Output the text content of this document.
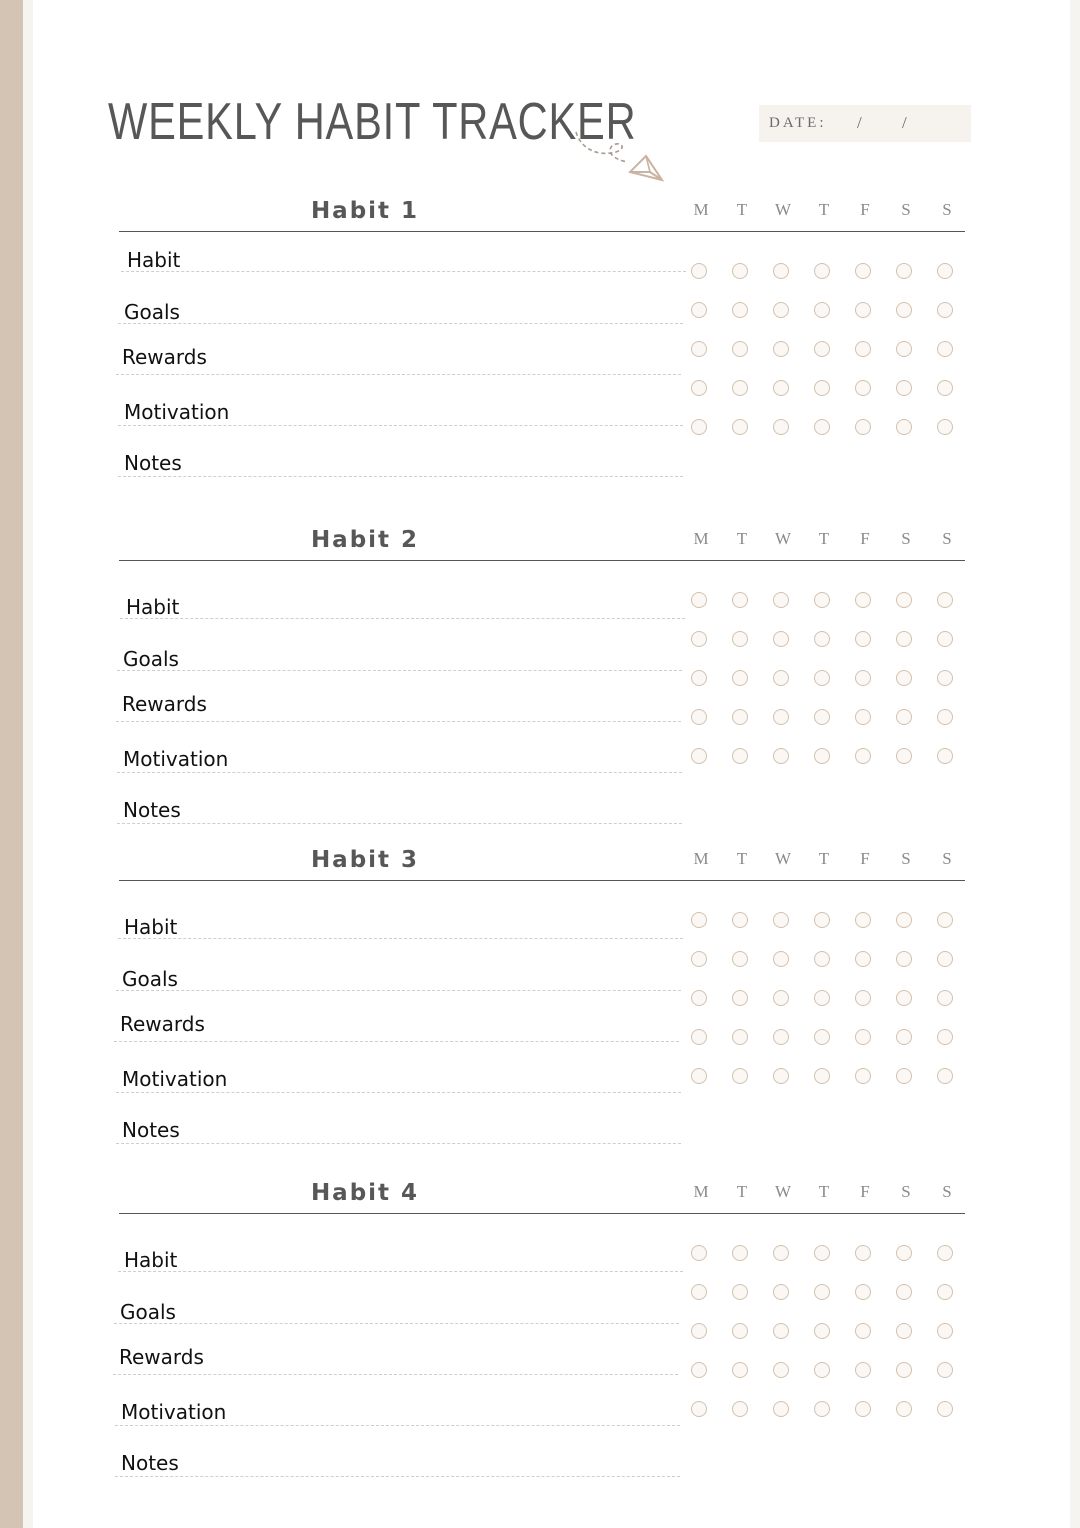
WEEKLY HABIT TRACKER	DATE: / /
Habit 1	M	T	W	T	F	S	S
Habit
Goals
Rewards
Motivation
Notes
Habit 2	M	T	W	T	F	S	S
Habit
Goals
Rewards
Motivation
Notes
Habit 3	M	T	W	T	F	S	S
Habit
Goals
Rewards
Motivation
Notes
Habit 4	M	T	W	T	F	S	S
Habit
Goals
Rewards
Motivation
Notes
